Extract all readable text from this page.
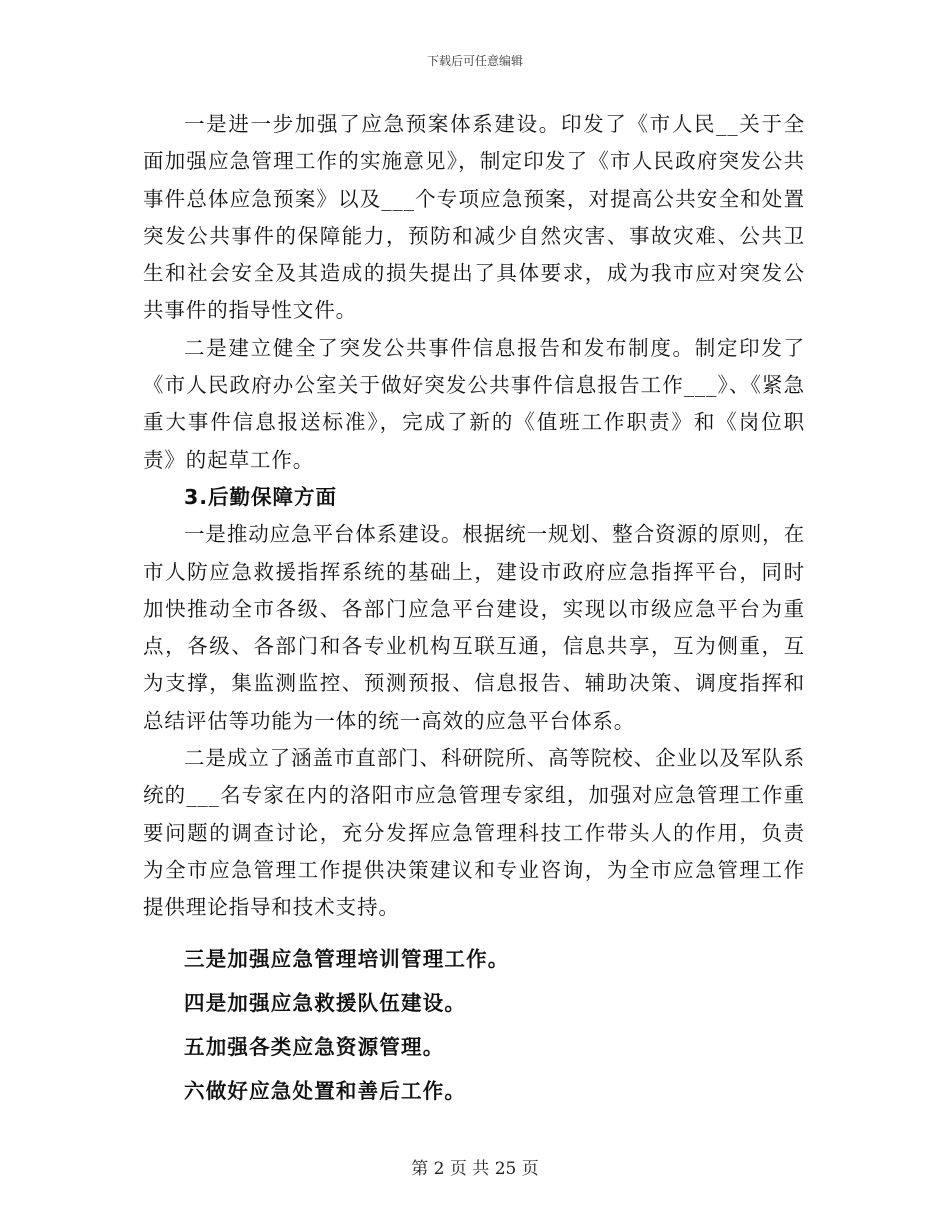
下载后可任意编辑

一是进一步加强了应急预案体系建设。印发了《市人民__关于全面加强应急管理工作的实施意见》，制定印发了《市人民政府突发公共事件总体应急预案》以及___个专项应急预案，对提高公共安全和处置突发公共事件的保障能力，预防和减少自然灾害、事故灾难、公共卫生和社会安全及其造成的损失提出了具体要求，成为我市应对突发公共事件的指导性文件。

二是建立健全了突发公共事件信息报告和发布制度。制定印发了《市人民政府办公室关于做好突发公共事件信息报告工作___》、《紧急重大事件信息报送标准》，完成了新的《值班工作职责》和《岗位职责》的起草工作。

3.后勤保障方面

一是推动应急平台体系建设。根据统一规划、整合资源的原则，在市人防应急救援指挥系统的基础上，建设市政府应急指挥平台，同时加快推动全市各级、各部门应急平台建设，实现以市级应急平台为重点，各级、各部门和各专业机构互联互通，信息共享，互为侧重，互为支撑，集监测监控、预测预报、信息报告、辅助决策、调度指挥和总结评估等功能为一体的统一高效的应急平台体系。

二是成立了涵盖市直部门、科研院所、高等院校、企业以及军队系统的___名专家在内的洛阳市应急管理专家组，加强对应急管理工作重要问题的调查讨论，充分发挥应急管理科技工作带头人的作用，负责为全市应急管理工作提供决策建议和专业咨询，为全市应急管理工作提供理论指导和技术支持。

三是加强应急管理培训管理工作。

四是加强应急救援队伍建设。

五加强各类应急资源管理。

六做好应急处置和善后工作。

第 2 页 共 25 页
